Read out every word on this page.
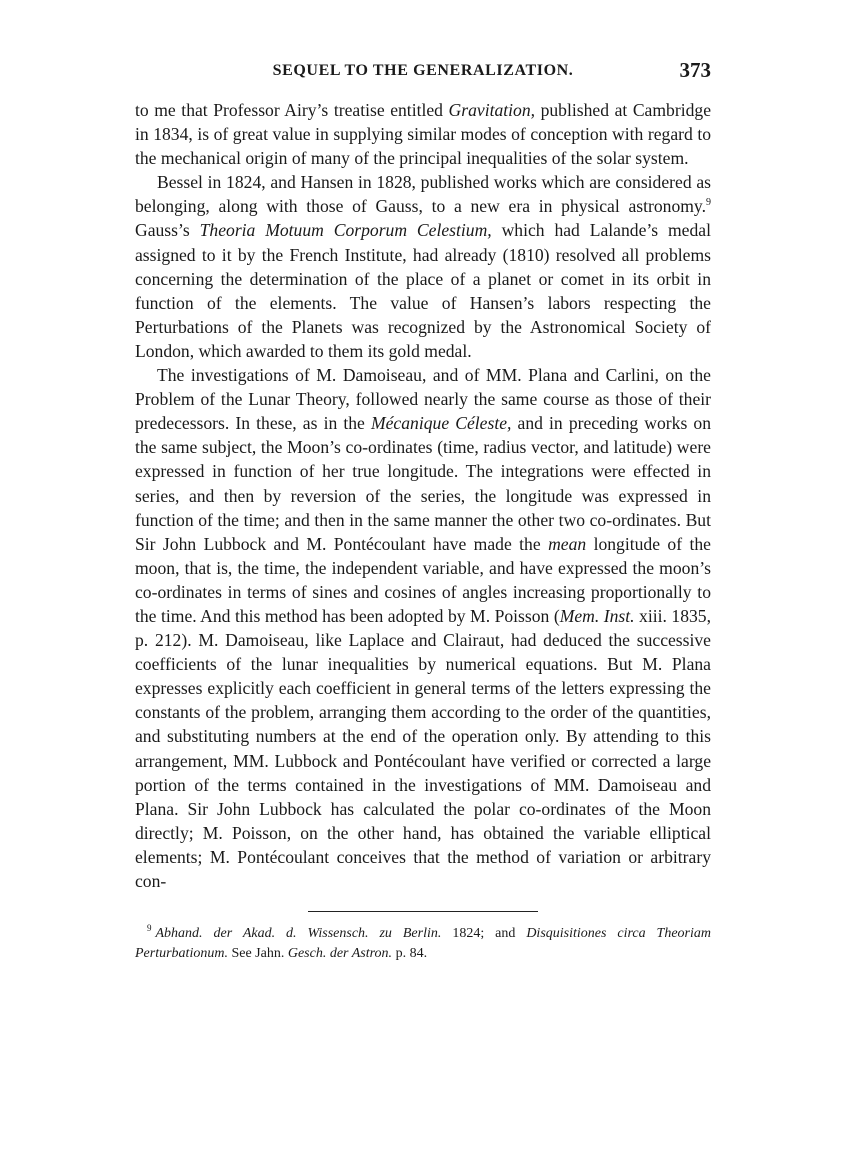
SEQUEL TO THE GENERALIZATION.	373

to me that Professor Airy’s treatise entitled Gravitation, published at Cambridge in 1834, is of great value in supplying similar modes of conception with regard to the mechanical origin of many of the principal inequalities of the solar system.

Bessel in 1824, and Hansen in 1828, published works which are considered as belonging, along with those of Gauss, to a new era in physical astronomy.$^9$ Gauss’s Theoria Motuum Corporum Celestium, which had Lalande’s medal assigned to it by the French Institute, had already (1810) resolved all problems concerning the determination of the place of a planet or comet in its orbit in function of the elements. The value of Hansen’s labors respecting the Perturbations of the Planets was recognized by the Astronomical Society of London, which awarded to them its gold medal.

The investigations of M. Damoiseau, and of MM. Plana and Carlini, on the Problem of the Lunar Theory, followed nearly the same course as those of their predecessors. In these, as in the Mécanique Céleste, and in preceding works on the same subject, the Moon’s co-ordinates (time, radius vector, and latitude) were expressed in function of her true longitude. The integrations were effected in series, and then by reversion of the series, the longitude was expressed in function of the time; and then in the same manner the other two co-ordinates. But Sir John Lubbock and M. Pontécoulant have made the mean longitude of the moon, that is, the time, the independent variable, and have expressed the moon’s co-ordinates in terms of sines and cosines of angles increasing proportionally to the time. And this method has been adopted by M. Poisson (Mem. Inst. xiii. 1835, p. 212). M. Damoiseau, like Laplace and Clairaut, had deduced the successive coefficients of the lunar inequalities by numerical equations. But M. Plana expresses explicitly each coefficient in general terms of the letters expressing the constants of the problem, arranging them according to the order of the quantities, and substituting numbers at the end of the operation only. By attending to this arrangement, MM. Lubbock and Pontécoulant have verified or corrected a large portion of the terms contained in the investigations of MM. Damoiseau and Plana. Sir John Lubbock has calculated the polar co-ordinates of the Moon directly; M. Poisson, on the other hand, has obtained the variable elliptical elements; M. Pontécoulant conceives that the method of variation or arbitrary con-

$^9$ Abhand. der Akad. d. Wissensch. zu Berlin. 1824; and Disquisitiones circa Theoriam Perturbationum. See Jahn. Gesch. der Astron. p. 84.
